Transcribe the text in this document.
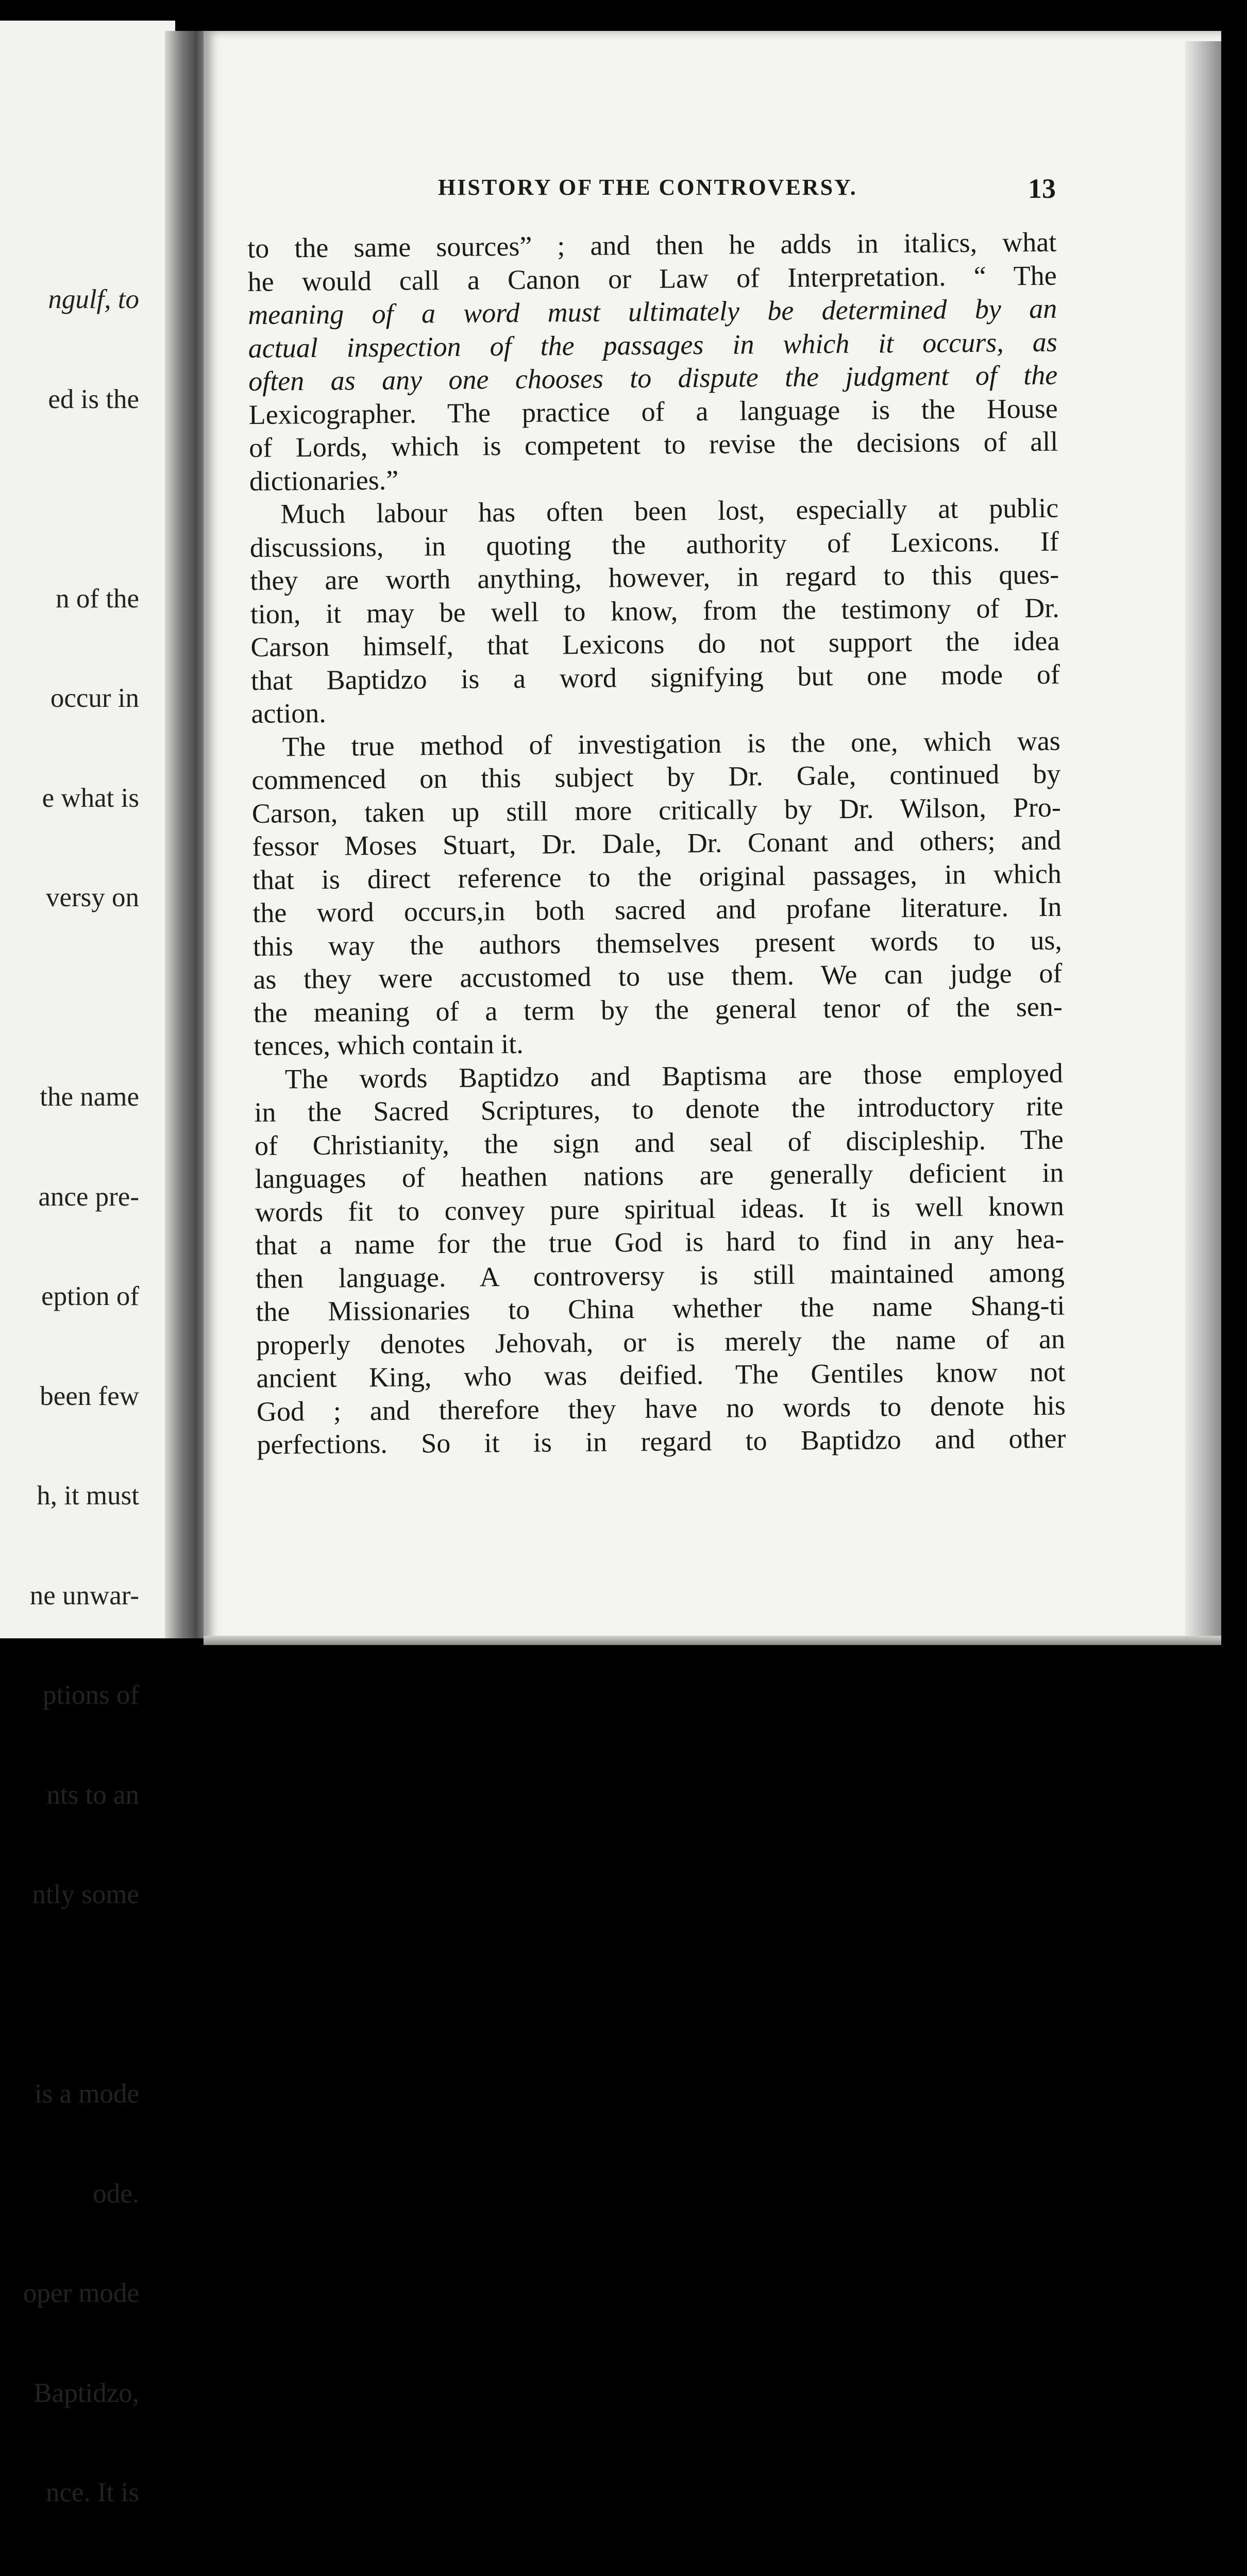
ngulf, to

ed is the

n of the

occur in

e what is

versy on

the name

ance pre-

eption of

been few

h, it must

ne unwar-

ptions of

nts to an

ntly some

is a mode

ode.

oper mode

Baptidzo,

nce. It is

HISTORY OF THE CONTROVERSY.	13
to the same sources” ; and then he adds in italics, what
he would call a Canon or Law of Interpretation. “ The
meaning of a word must ultimately be determined by an
actual inspection of the passages in which it occurs, as
often as any one chooses to dispute the judgment of the
Lexicographer. The practice of a language is the House
of Lords, which is competent to revise the decisions of all
dictionaries.”
Much labour has often been lost, especially at public
discussions, in quoting the authority of Lexicons. If
they are worth anything, however, in regard to this ques-
tion, it may be well to know, from the testimony of Dr.
Carson himself, that Lexicons do not support the idea
that Baptidzo is a word signifying but one mode of
action.
The true method of investigation is the one, which was
commenced on this subject by Dr. Gale, continued by
Carson, taken up still more critically by Dr. Wilson, Pro-
fessor Moses Stuart, Dr. Dale, Dr. Conant and others; and
that is direct reference to the original passages, in which
the word occurs,in both sacred and profane literature. In
this way the authors themselves present words to us,
as they were accustomed to use them. We can judge of
the meaning of a term by the general tenor of the sen-
tences, which contain it.
The words Baptidzo and Baptisma are those employed
in the Sacred Scriptures, to denote the introductory rite
of Christianity, the sign and seal of discipleship. The
languages of heathen nations are generally deficient in
words fit to convey pure spiritual ideas. It is well known
that a name for the true God is hard to find in any hea-
then language. A controversy is still maintained among
the Missionaries to China whether the name Shang-ti
properly denotes Jehovah, or is merely the name of an
ancient King, who was deified. The Gentiles know not
God ; and therefore they have no words to denote his
perfections. So it is in regard to Baptidzo and other
